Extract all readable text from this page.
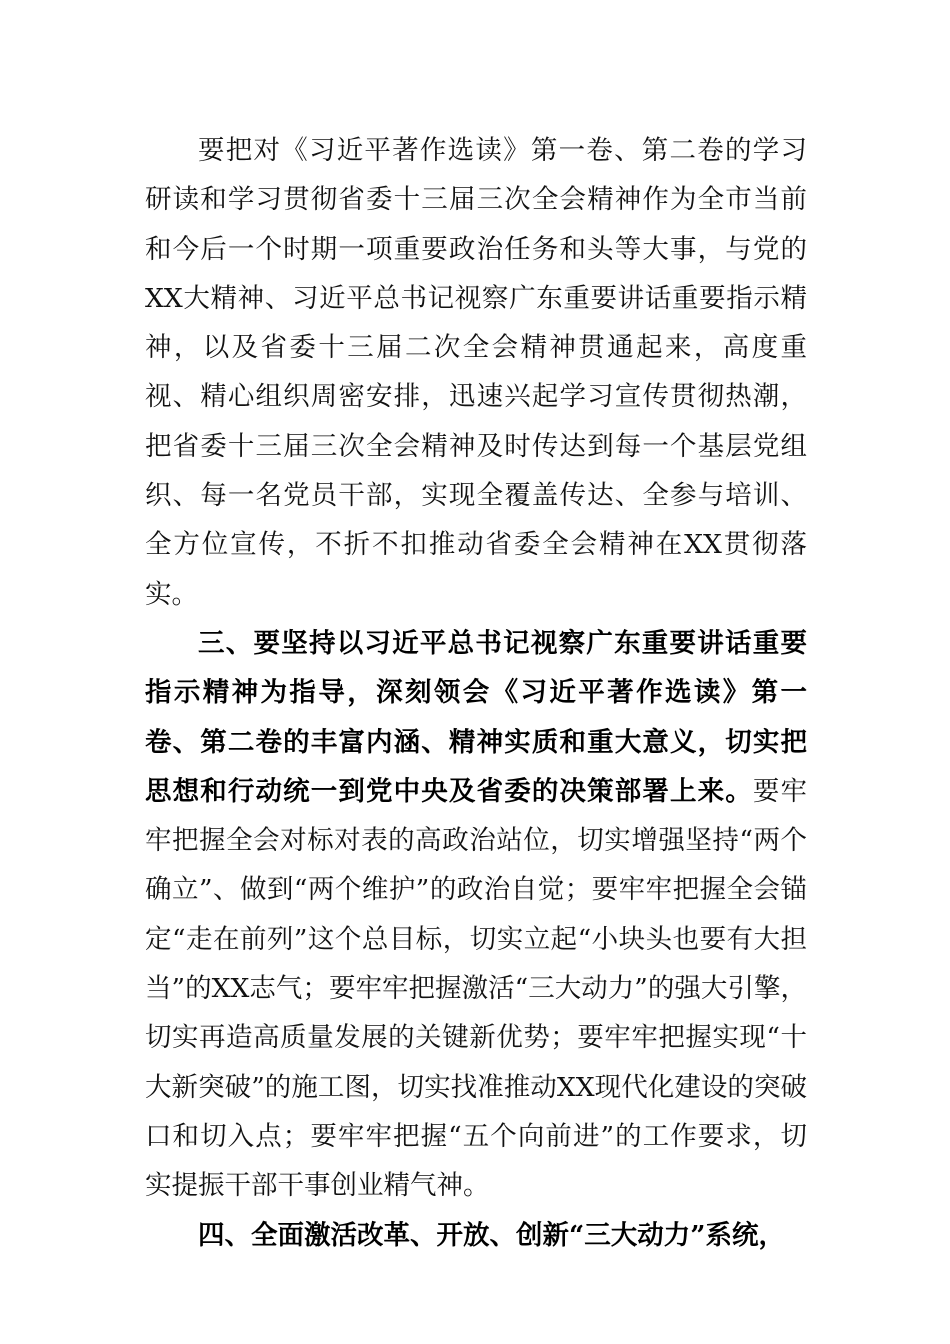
要把对《习近平著作选读》第一卷、第二卷的学习研读和学习贯彻省委十三届三次全会精神作为全市当前和今后一个时期一项重要政治任务和头等大事，与党的XX大精神、习近平总书记视察广东重要讲话重要指示精神，以及省委十三届二次全会精神贯通起来，高度重视、精心组织周密安排，迅速兴起学习宣传贯彻热潮，把省委十三届三次全会精神及时传达到每一个基层党组织、每一名党员干部，实现全覆盖传达、全参与培训、全方位宣传，不折不扣推动省委全会精神在XX贯彻落实。

三、要坚持以习近平总书记视察广东重要讲话重要指示精神为指导，深刻领会《习近平著作选读》第一卷、第二卷的丰富内涵、精神实质和重大意义，切实把思想和行动统一到党中央及省委的决策部署上来。要牢牢把握全会对标对表的高政治站位，切实增强坚持“两个确立”、做到“两个维护”的政治自觉；要牢牢把握全会锚定“走在前列”这个总目标，切实立起“小块头也要有大担当”的XX志气；要牢牢把握激活“三大动力”的强大引擎，切实再造高质量发展的关键新优势；要牢牢把握实现“十大新突破”的施工图，切实找准推动XX现代化建设的突破口和切入点；要牢牢把握“五个向前进”的工作要求，切实提振干部干事创业精气神。

四、全面激活改革、开放、创新“三大动力”系统，
